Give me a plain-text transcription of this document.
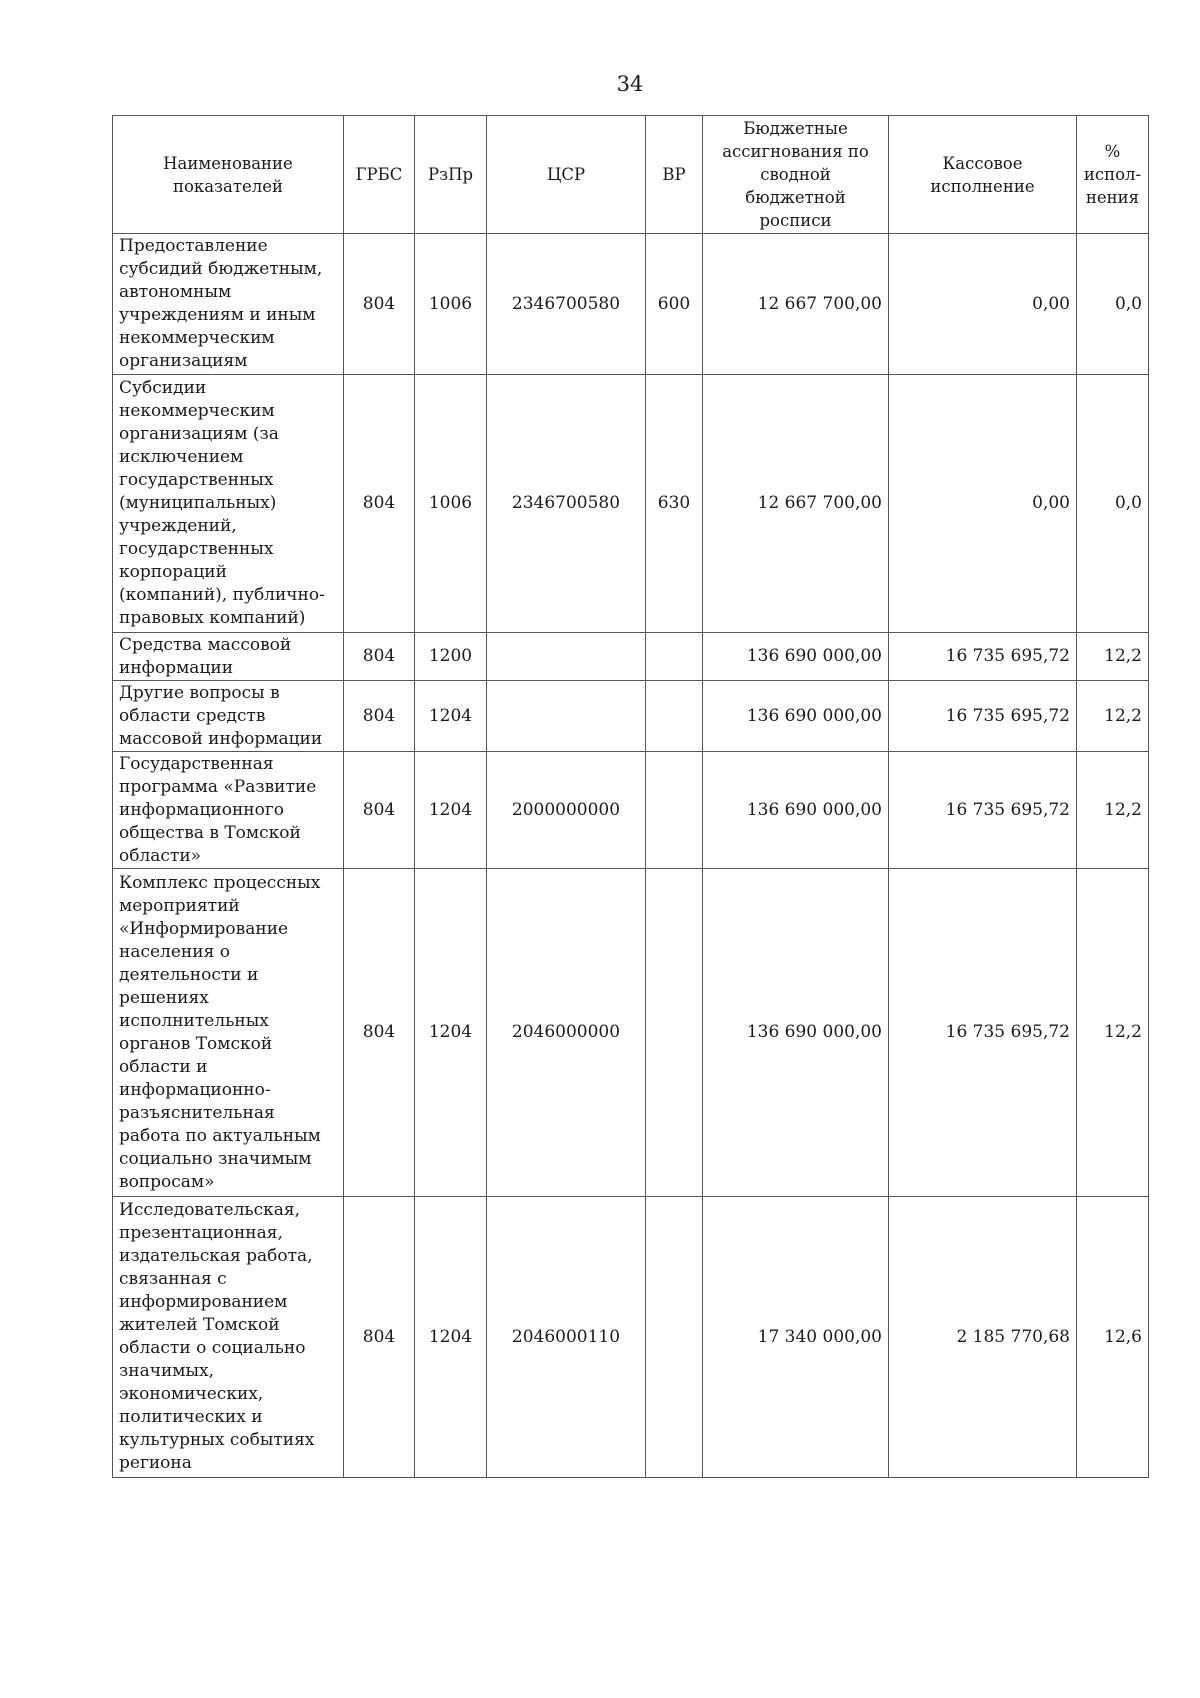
34
Наименование показателей	ГРБС	РзПр	ЦСР	ВР	Бюджетные ассигнования по сводной бюджетной росписи	Кассовое исполнение	% испол-нения
Предоставление субсидий бюджетным, автономным учреждениям и иным некоммерческим организациям	804	1006	2346700580	600	12 667 700,00	0,00	0,0
Субсидии некоммерческим организациям (за исключением государственных (муниципальных) учреждений, государственных корпораций (компаний), публично-правовых компаний)	804	1006	2346700580	630	12 667 700,00	0,00	0,0
Средства массовой информации	804	1200			136 690 000,00	16 735 695,72	12,2
Другие вопросы в области средств массовой информации	804	1204			136 690 000,00	16 735 695,72	12,2
Государственная программа «Развитие информационного общества в Томской области»	804	1204	2000000000		136 690 000,00	16 735 695,72	12,2
Комплекс процессных мероприятий «Информирование населения о деятельности и решениях исполнительных органов Томской области и информационно-разъяснительная работа по актуальным социально значимым вопросам»	804	1204	2046000000		136 690 000,00	16 735 695,72	12,2
Исследовательская, презентационная, издательская работа, связанная с информированием жителей Томской области о социально значимых, экономических, политических и культурных событиях региона	804	1204	2046000110		17 340 000,00	2 185 770,68	12,6
